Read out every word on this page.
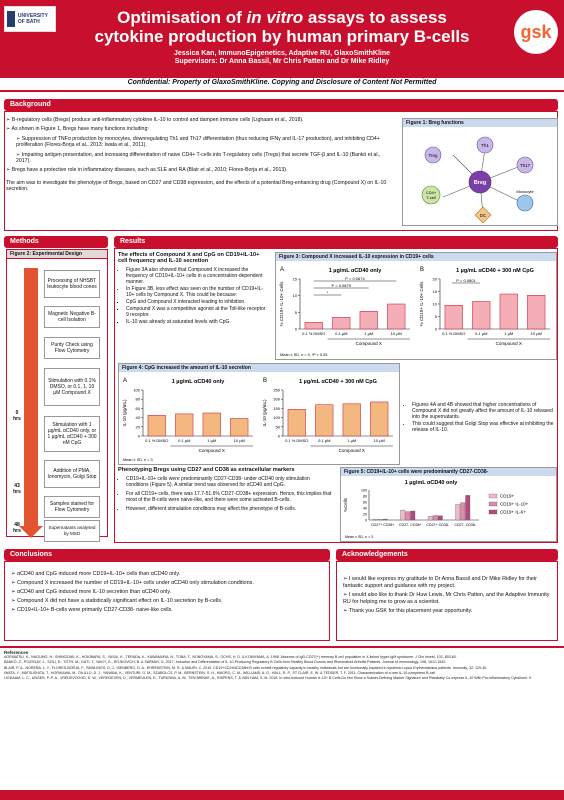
UNIVERSITY OF BATH	Optimisation of in vitro assays to assess
cytokine production by human primary B-cells
Jessica Kan, ImmunoEpigenetics, Adaptive RU, GlaxoSmithKline
Supervisors: Dr Anna Bassil, Mr Chris Patten and Dr Mike Ridley
gsk
Confidential: Property of GlaxoSmithKline. Copying and Disclosure of Content Not Permitted
Background

➢ B-regulatory cells (Bregs) produce anti-inflammatory cytokine IL-10 to control and dampen immune cells (Lighaam et al., 2018).

➢ As shown in Figure 1, Bregs have many functions including:

➢ Suppression of TNFα production by monocytes, downregulating Th1 and Th17 differentiation (thus reducing IFNγ and IL-17 production), and inhibiting CD4+ proliferation (Flores-Borja et al., 2013; Iwata et al., 2011).

➢ Impairing antigen presentation, and increasing differentiation of naive CD4+ T-cells into T-regulatory cells (Tregs) that secrete TGF-β and IL-10 (Bankó et al., 2017).

➢ Bregs have a protective role in inflammatory diseases, such as SLE and RA (Blair et al., 2010; Flores-Borja et al., 2013).

The aim was to investigate the phenotype of Bregs, based on CD27 and CD38 expression, and the effects of a potential Breg-enhancing drug (Compound X) on IL-10 secretion.

Figure 1: Breg functions
Treg
Th1
Th17
CD4+
T-cell
Breg
Monocyte
DC
Methods
Figure 2: Experimental Design
0
hrs
43
hrs
48
hrs
Processing of NHSBT leukocyte blood cones
Magnetic Negative B-cell Isolation
Purity Check using Flow Cytometry
Stimulation with 0.1% DMSO, or 0.1, 1, 10 µM Compound X
Stimulation with 1 µg/mL αCD40 only, or 1 µg/mL αCD40 + 300 nM CpG
Addition of PMA, Ionomycin, Golgi Stop
Samples stained for Flow Cytometry
Supernatants analysed by MSD
Results
The effects of Compound X and CpG on CD19+IL-10+ cell frequency and IL-10 secretion
• Figure 3A also showed that Compound X increased the frequency of CD19+IL-10+ cells in a concentration-dependent manner.
• In Figure 3B, less effect was seen on the number of CD19+IL-10+ cells by Compound X. This could be because:
▪ CpG and Compound X interacted leading to inhibition.
▪ Compound X was a competitive agonist at the Toll-like receptor 9 receptor.
▪ IL-10 was already at saturated levels with CpG
Figure 3: Compound X increased IL-10 expression in CD19+ cells
A	1 µg/mL αCD40 only
% CD19+ IL-10+ Cells
0
5
10
15
0.1 % DMSO 0.1 µM	1 µM	10 µM
Compound X
B	1 µg/mL αCD40 + 300 nM CpG
% CD19+ IL-10+ Cells
0
5
10
15
20
0.1 % DMSO 0.1 µM	1 µM	10 µM
Compound X
Mean ± SD, n = 3, *P < 0.05
P = 0.0674
P = 0.0879
*
P = 0.0801
Figure 4: CpG increased the amount of IL-10 secretion
A	1 µg/mL αCD40 only
IL-10 (pg/mL)
0
20
40
60
80
100
0.1 % DMSO 0.1 µM	1 µM	10 µM
Compound X
B	1 µg/mL αCD40 + 300 nM CpG
IL-10 (pg/mL)
0
50
100
150
200
250
0.1 % DMSO 0.1 µM	1 µM	10 µM
Compound X
Mean ± SD, n = 3
• Figures 4A and 4B showed that higher concentrations of Compound X did not greatly affect the amount of IL-10 released into the supernatants.
• This could suggest that Golgi Stop was effective at inhibiting the release of IL-10.
Phenotyping Bregs using CD27 and CD38 as extracellular markers
• CD19+IL-10+ cells were predominantly CD27-CD38- under αCD40 only stimulation conditions (Figure 5). A similar trend was observed for αCD40 and CpG.
• For all CD19+ cells, there was 17.7-51.6% CD27-CD38+ expression. Hence, this implies that most of the B-cells were naive-like, and there were some activated B-cells.
• However, different stimulation conditions may affect the phenotype of B-cells.
Figure 5: CD19+IL-10+ cells were predominantly CD27-CD38-
1 µg/mL αCD40 only
%Cells
0
20
40
60
80
100
CD27+ CD38+ CD27- CD38+ CD27+ CD38- CD27- CD38-
Mean ± SD, n = 3
CD19+
CD19+ IL-10+
CD19+ IL-6+
Conclusions
➢ αCD40 and CpG induced more CD19+IL-10+ cells than αCD40 only.
➢ Compound X increased the number of CD19+IL-10+ cells under αCD40 only stimulation conditions.
➢ αCD40 and CpG induced more IL-10 secretion than αCD40 only.
➢ Compound X did not have a statistically significant effect on IL-10 secretion by B-cells.
➢ CD19+IL-10+ B-cells were primarily CD27-CD38- naive-like cells.
Acknowledgements
➢ I would like express my gratitude to Dr Anna Bassil and Dr Mike Ridley for their fantastic support and guidance with my project.
➢ I would also like to thank Dr Huw Lewis, Mr Chris Patten, and the Adaptive Immunity RU for helping me to grow as a scientist.
➢ Thank you GSK for this placement year opportunity.
References
AGEMATSU, K., NAGUMO, H., SHINOZAKI, K., HOKIBARA, S., YASUI, K., TERADA, K., KAWAMURA, N., TOBA, T., NONOYAMA, S., OCHS, H. D. & KOMIYAMA, A. 1998. Absence of IgD-CD27(+) memory B cell population in X-linked hyper-IgM syndrome. J Clin Invest, 102, 853-60.
BANKÓ, Z., POZSGAY, J., SZILI, D., TÓTH, M., GÁTI, T., NAGY, G., ROJKOVICH, B. & SÁRMAY, G. 2017. Induction and Differentiation of IL-10-Producing Regulatory B Cells from Healthy Blood Donors and Rheumatoid Arthritis Patients. Journal of immunology, 198, 1512-1520.
BLAIR, P. A., NOREÑA, L. Y., FLORES-BORJA, F., RAWLINGS, D. J., ISENBERG, D. A., EHRENSTEIN, M. R. & MAURI, C. 2010. CD19+CD24hiCD38hi B cells exhibit regulatory capacity in healthy individuals but are functionally impaired in systemic Lupus Erythematosus patients. Immunity, 32, 129-40.
IWATA, Y., MATSUSHITA, T., HORIKAWA, M., DILILLO, D. J., YANABA, K., VENTURI, G. M., SZABOLCS, P. M., BERNSTEIN, S. H., MAGRO, C. M., WILLIAMS, A. D., HALL, R. P., ST CLAIR, E. W. & TEDDER, T. F. 2011. Characterization of a rare IL-10-competent B-cell
LIGHAAM, L. C., UNGER, P.-P. A., VREDEVOOGD, D. W., VERHOEVEN, D., VERMEULEN, E., TURKSMA, A. W., TEN BRINKE, A., RISPENS, T. & VAN HAM, S. M. 2018. In vitro-Induced Human IL-10+ B Cells Do Not Show a Subset-Defining Marker Signature and Plastically Co-express IL-10 With Pro-Inflammatory Cytokines. 9.
